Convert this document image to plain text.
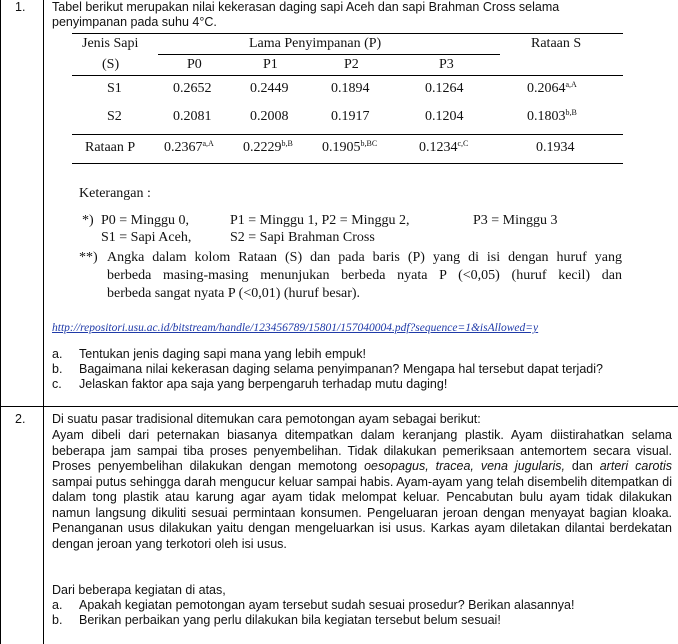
1. Tabel berikut merupakan nilai kekerasan daging sapi Aceh dan sapi Brahman Cross selama
penyimpanan pada suhu 4°C.
Jenis Sapi
(S)
Lama Penyimpanan (P)	Rataan S
P0	P1	P2	P3
S1	0.2652	0.2449	0.1894	0.1264	$0.2064^{a,A}$
S2	0.2081	0.2008	0.1917	0.1204	$0.1803^{b,B}$
Rataan P $0.2367^{a,A}$ $0.2229^{b,B}$ $0.1905^{b,BC}$	$0.1234^{c,C}$	0.1934
Keterangan :
*) P0 = Minggu 0,	P1 = Minggu 1, P2 = Minggu 2,	P3 = Minggu 3
S1 = Sapi Aceh,	S2 = Sapi Brahman Cross
**) Angka dalam kolom Rataan (S) dan pada baris (P) yang di isi dengan huruf yang
berbeda masing-masing menunjukan berbeda nyata P (<0,05) (huruf kecil) dan
berbeda sangat nyata P (<0,01) (huruf besar).
http://repositori.usu.ac.id/bitstream/handle/123456789/15801/157040004.pdf?sequence=1&isAllowed=y
a. Tentukan jenis daging sapi mana yang lebih empuk!
b. Bagaimana nilai kekerasan daging selama penyimpanan? Mengapa hal tersebut dapat terjadi?
c. Jelaskan faktor apa saja yang berpengaruh terhadap mutu daging!
2. Di suatu pasar tradisional ditemukan cara pemotongan ayam sebagai berikut:
Ayam dibeli dari peternakan biasanya ditempatkan dalam keranjang plastik. Ayam diistirahatkan selama beberapa jam sampai tiba proses penyembelihan. Tidak dilakukan pemeriksaan antemortem secara visual. Proses penyembelihan dilakukan dengan memotong oesopagus, tracea, vena jugularis, dan arteri carotis sampai putus sehingga darah mengucur keluar sampai habis. Ayam-ayam yang telah disembelih ditempatkan di dalam tong plastik atau karung agar ayam tidak melompat keluar. Pencabutan bulu ayam tidak dilakukan namun langsung dikuliti sesuai permintaan konsumen. Pengeluaran jeroan dengan menyayat bagian kloaka. Penanganan usus dilakukan yaitu dengan mengeluarkan isi usus. Karkas ayam diletakan dilantai berdekatan dengan jeroan yang terkotori oleh isi usus.
Dari beberapa kegiatan di atas,
a. Apakah kegiatan pemotongan ayam tersebut sudah sesuai prosedur? Berikan alasannya!
b. Berikan perbaikan yang perlu dilakukan bila kegiatan tersebut belum sesuai!
